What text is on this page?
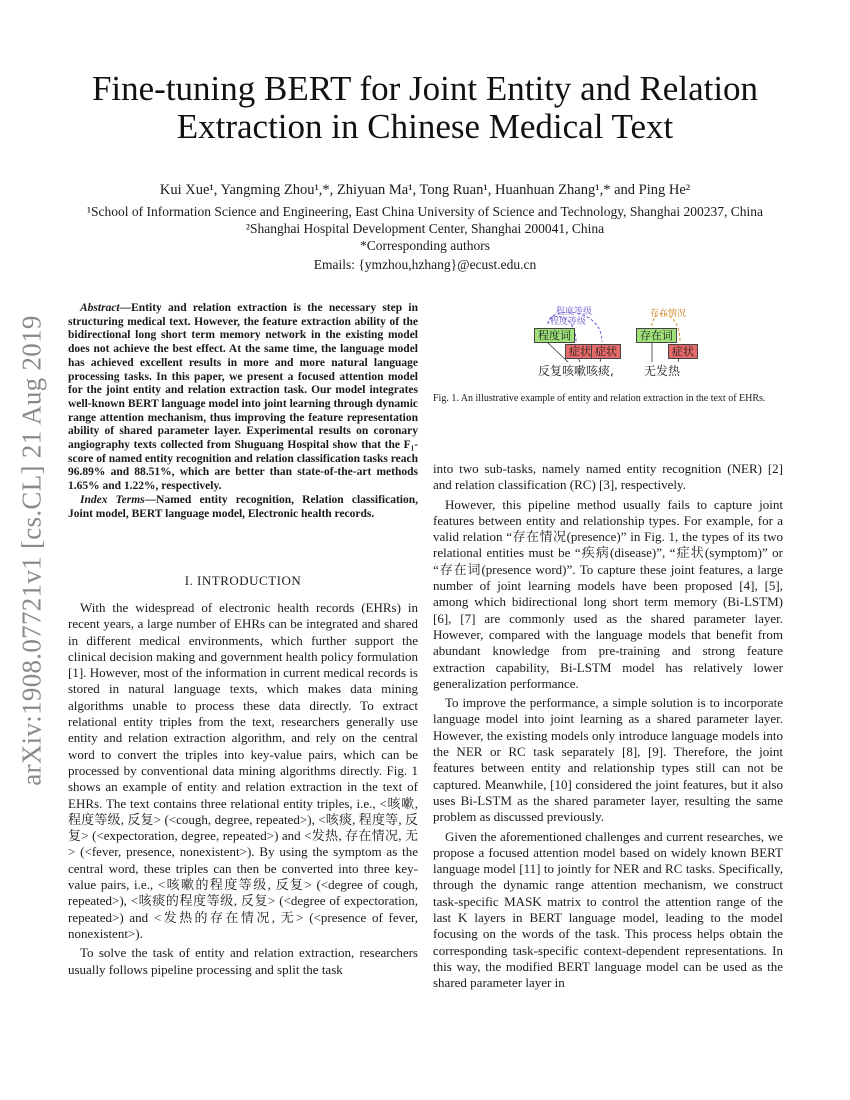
arXiv:1908.07721v1 [cs.CL] 21 Aug 2019
Fine-tuning BERT for Joint Entity and Relation
Extraction in Chinese Medical Text
Kui Xue¹, Yangming Zhou¹,*, Zhiyuan Ma¹, Tong Ruan¹, Huanhuan Zhang¹,* and Ping He²
¹School of Information Science and Engineering, East China University of Science and Technology, Shanghai 200237, China
²Shanghai Hospital Development Center, Shanghai 200041, China
*Corresponding authors
Emails: {ymzhou,hzhang}@ecust.edu.cn

Abstract—Entity and relation extraction is the necessary step in structuring medical text. However, the feature extraction ability of the bidirectional long short term memory network in the existing model does not achieve the best effect. At the same time, the language model has achieved excellent results in more and more natural language processing tasks. In this paper, we present a focused attention model for the joint entity and relation extraction task. Our model integrates well-known BERT language model into joint learning through dynamic range attention mechanism, thus improving the feature representation ability of shared parameter layer. Experimental results on coronary angiography texts collected from Shuguang Hospital show that the F₁-score of named entity recognition and relation classification tasks reach 96.89% and 88.51%, which are better than state-of-the-art methods 1.65% and 1.22%, respectively.

Index Terms—Named entity recognition, Relation classification, Joint model, BERT language model, Electronic health records.

I. INTRODUCTION

With the widespread of electronic health records (EHRs) in recent years, a large number of EHRs can be integrated and shared in different medical environments, which further support the clinical decision making and government health policy formulation [1]. However, most of the information in current medical records is stored in natural language texts, which makes data mining algorithms unable to process these data directly. To extract relational entity triples from the text, researchers generally use entity and relation extraction algorithm, and rely on the central word to convert the triples into key-value pairs, which can be processed by conventional data mining algorithms directly. Fig. 1 shows an example of entity and relation extraction in the text of EHRs. The text contains three relational entity triples, i.e., <咳嗽, 程度等级, 反复> (<cough, degree, repeated>), <咳痰, 程度等, 反复> (<expectoration, degree, repeated>) and <发热, 存在情况, 无> (<fever, presence, nonexistent>). By using the symptom as the central word, these triples can then be converted into three key-value pairs, i.e., <咳嗽的程度等级, 反复> (<degree of cough, repeated>), <咳痰的程度等级, 反复> (<degree of expectoration, repeated>) and <发热的存在情况, 无> (<presence of fever, nonexistent>).

To solve the task of entity and relation extraction, researchers usually follows pipeline processing and split the task

程度等级
程度等级
存在情况
程度词
症状 症状
存在词
症状
反复咳嗽咳痰,	无发热
Fig. 1. An illustrative example of entity and relation extraction in the text of EHRs.

into two sub-tasks, namely named entity recognition (NER) [2] and relation classification (RC) [3], respectively.

However, this pipeline method usually fails to capture joint features between entity and relationship types. For example, for a valid relation “存在情况(presence)” in Fig. 1, the types of its two relational entities must be “疾病(disease)”, “症状(symptom)” or “存在词(presence word)”. To capture these joint features, a large number of joint learning models have been proposed [4], [5], among which bidirectional long short term memory (Bi-LSTM) [6], [7] are commonly used as the shared parameter layer. However, compared with the language models that benefit from abundant knowledge from pre-training and strong feature extraction capability, Bi-LSTM model has relatively lower generalization performance.

To improve the performance, a simple solution is to incorporate language model into joint learning as a shared parameter layer. However, the existing models only introduce language models into the NER or RC task separately [8], [9]. Therefore, the joint features between entity and relationship types still can not be captured. Meanwhile, [10] considered the joint features, but it also uses Bi-LSTM as the shared parameter layer, resulting the same problem as discussed previously.

Given the aforementioned challenges and current researches, we propose a focused attention model based on widely known BERT language model [11] to jointly for NER and RC tasks. Specifically, through the dynamic range attention mechanism, we construct task-specific MASK matrix to control the attention range of the last K layers in BERT language model, leading to the model focusing on the words of the task. This process helps obtain the corresponding task-specific context-dependent representations. In this way, the modified BERT language model can be used as the shared parameter layer in
